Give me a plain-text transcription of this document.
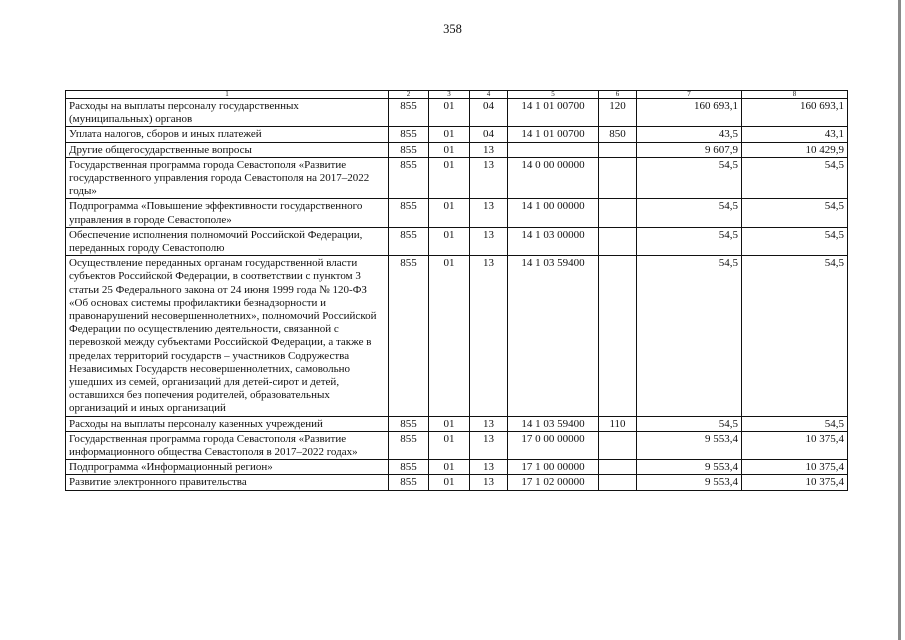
358
1	2	3	4	5	6	7	8
Расходы на выплаты персоналу государственных (муниципальных) органов	855	01	04	14 1 01 00700	120	160 693,1	160 693,1
Уплата налогов, сборов и иных платежей	855	01	04	14 1 01 00700	850	43,5	43,1
Другие общегосударственные вопросы	855	01	13			9 607,9	10 429,9
Государственная программа города Севастополя «Развитие государственного управления города Севастополя на 2017–2022 годы»	855	01	13	14 0 00 00000		54,5	54,5
Подпрограмма «Повышение эффективности государственного управления в городе Севастополе»	855	01	13	14 1 00 00000		54,5	54,5
Обеспечение исполнения полномочий Российской Федерации, переданных городу Севастополю	855	01	13	14 1 03 00000		54,5	54,5
Осуществление переданных органам государственной власти субъектов Российской Федерации, в соответствии с пунктом 3 статьи 25 Федерального закона от 24 июня 1999 года № 120-ФЗ «Об основах системы профилактики безнадзорности и правонарушений несовершеннолетних», полномочий Российской Федерации по осуществлению деятельности, связанной с перевозкой между субъектами Российской Федерации, а также в пределах территорий государств – участников Содружества Независимых Государств несовершеннолетних, самовольно ушедших из семей, организаций для детей-сирот и детей, оставшихся без попечения родителей, образовательных организаций и иных организаций	855	01	13	14 1 03 59400		54,5	54,5
Расходы на выплаты персоналу казенных учреждений	855	01	13	14 1 03 59400	110	54,5	54,5
Государственная программа города Севастополя «Развитие информационного общества Севастополя в 2017–2022 годах»	855	01	13	17 0 00 00000		9 553,4	10 375,4
Подпрограмма «Информационный регион»	855	01	13	17 1 00 00000		9 553,4	10 375,4
Развитие электронного правительства	855	01	13	17 1 02 00000		9 553,4	10 375,4
